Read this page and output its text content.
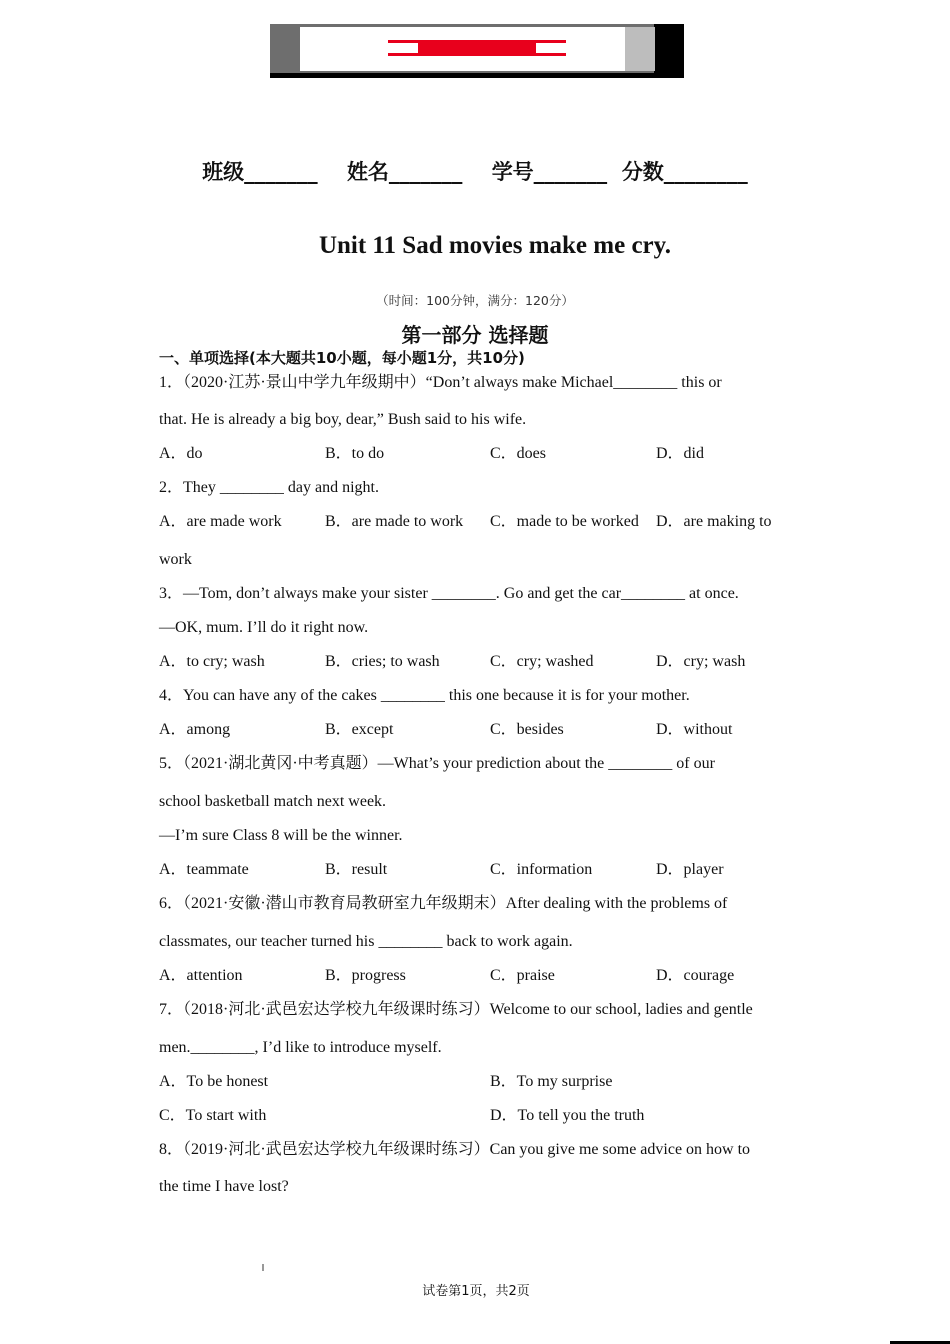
班级_______ 姓名_______ 学号_______ 分数________
Unit 11 Sad movies make me cry.
（时间：100分钟，满分：120分）
第一部分 选择题
一、单项选择(本大题共10小题，每小题1分，共10分)
1．（2020·江苏·景山中学九年级期中）“Don’t always make Michael________ this or
that. He is already a big boy, dear,” Bush said to his wife.
A．do	B．to do	C．does	D．did
2．They ________ day and night.
A．are made work	B．are made to work C．made to be worked D．are making to
work
3．—Tom, don’t always make your sister ________. Go and get the car________ at once.
—OK, mum. I’ll do it right now.
A．to cry; wash	B．cries; to wash	C．cry; washed	D．cry; wash
4．You can have any of the cakes ________ this one because it is for your mother.
A．among	B．except	C．besides	D．without
5．（2021·湖北黄冈·中考真题）—What’s your prediction about the ________ of our
school basketball match next week.
—I’m sure Class 8 will be the winner.
A．teammate	B．result	C．information	D．player
6．（2021·安徽·潜山市教育局教研室九年级期末）After dealing with the problems of
classmates, our teacher turned his ________ back to work again.
A．attention	B．progress	C．praise	D．courage
7．（2018·河北·武邑宏达学校九年级课时练习）Welcome to our school, ladies and gentle
men.________, I’d like to introduce myself.
A．To be honest	B．To my surprise
C．To start with	D．To tell you the truth
8．（2019·河北·武邑宏达学校九年级课时练习）Can you give me some advice on how to
the time I have lost?
试卷第1页，共2页
